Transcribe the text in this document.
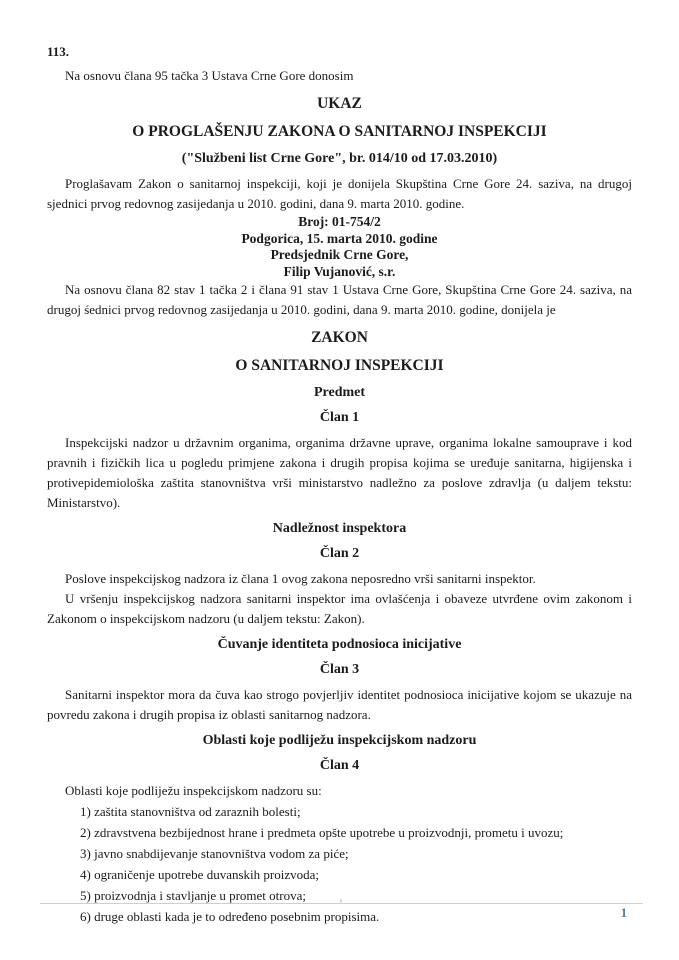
113.

Na osnovu člana 95 tačka 3 Ustava Crne Gore donosim

UKAZ
O PROGLAŠENJU ZAKONA O SANITARNOJ INSPEKCIJI
("Službeni list Crne Gore", br. 014/10 od 17.03.2010)

Proglašavam Zakon o sanitarnoj inspekciji, koji je donijela Skupština Crne Gore 24. saziva, na drugoj sjednici prvog redovnog zasijedanja u 2010. godini, dana 9. marta 2010. godine.

Broj: 01-754/2
Podgorica, 15. marta 2010. godine
Predsjednik Crne Gore,
Filip Vujanović, s.r.

Na osnovu člana 82 stav 1 tačka 2 i člana 91 stav 1 Ustava Crne Gore, Skupština Crne Gore 24. saziva, na drugoj śednici prvog redovnog zasijedanja u 2010. godini, dana 9. marta 2010. godine, donijela je

ZAKON
O SANITARNOJ INSPEKCIJI
Predmet
Član 1

Inspekcijski nadzor u državnim organima, organima državne uprave, organima lokalne samouprave i kod pravnih i fizičkih lica u pogledu primjene zakona i drugih propisa kojima se uređuje sanitarna, higijenska i protivepidemiološka zaštita stanovništva vrši ministarstvo nadležno za poslove zdravlja (u daljem tekstu: Ministarstvo).

Nadležnost inspektora
Član 2

Poslove inspekcijskog nadzora iz člana 1 ovog zakona neposredno vrši sanitarni inspektor.

U vršenju inspekcijskog nadzora sanitarni inspektor ima ovlašćenja i obaveze utvrđene ovim zakonom i Zakonom o inspekcijskom nadzoru (u daljem tekstu: Zakon).

Čuvanje identiteta podnosioca inicijative
Član 3

Sanitarni inspektor mora da čuva kao strogo povjerljiv identitet podnosioca inicijative kojom se ukazuje na povredu zakona i drugih propisa iz oblasti sanitarnog nadzora.

Oblasti koje podliježu inspekcijskom nadzoru
Član 4

Oblasti koje podliježu inspekcijskom nadzoru su:

1) zaštita stanovništva od zaraznih bolesti;
2) zdravstvena bezbijednost hrane i predmeta opšte upotrebe u proizvodnji, prometu i uvozu;
3) javno snabdijevanje stanovništva vodom za piće;
4) ograničenje upotrebe duvanskih proizvoda;
5) proizvodnja i stavljanje u promet otrova;
6) druge oblasti kada je to određeno posebnim propisima.	1
